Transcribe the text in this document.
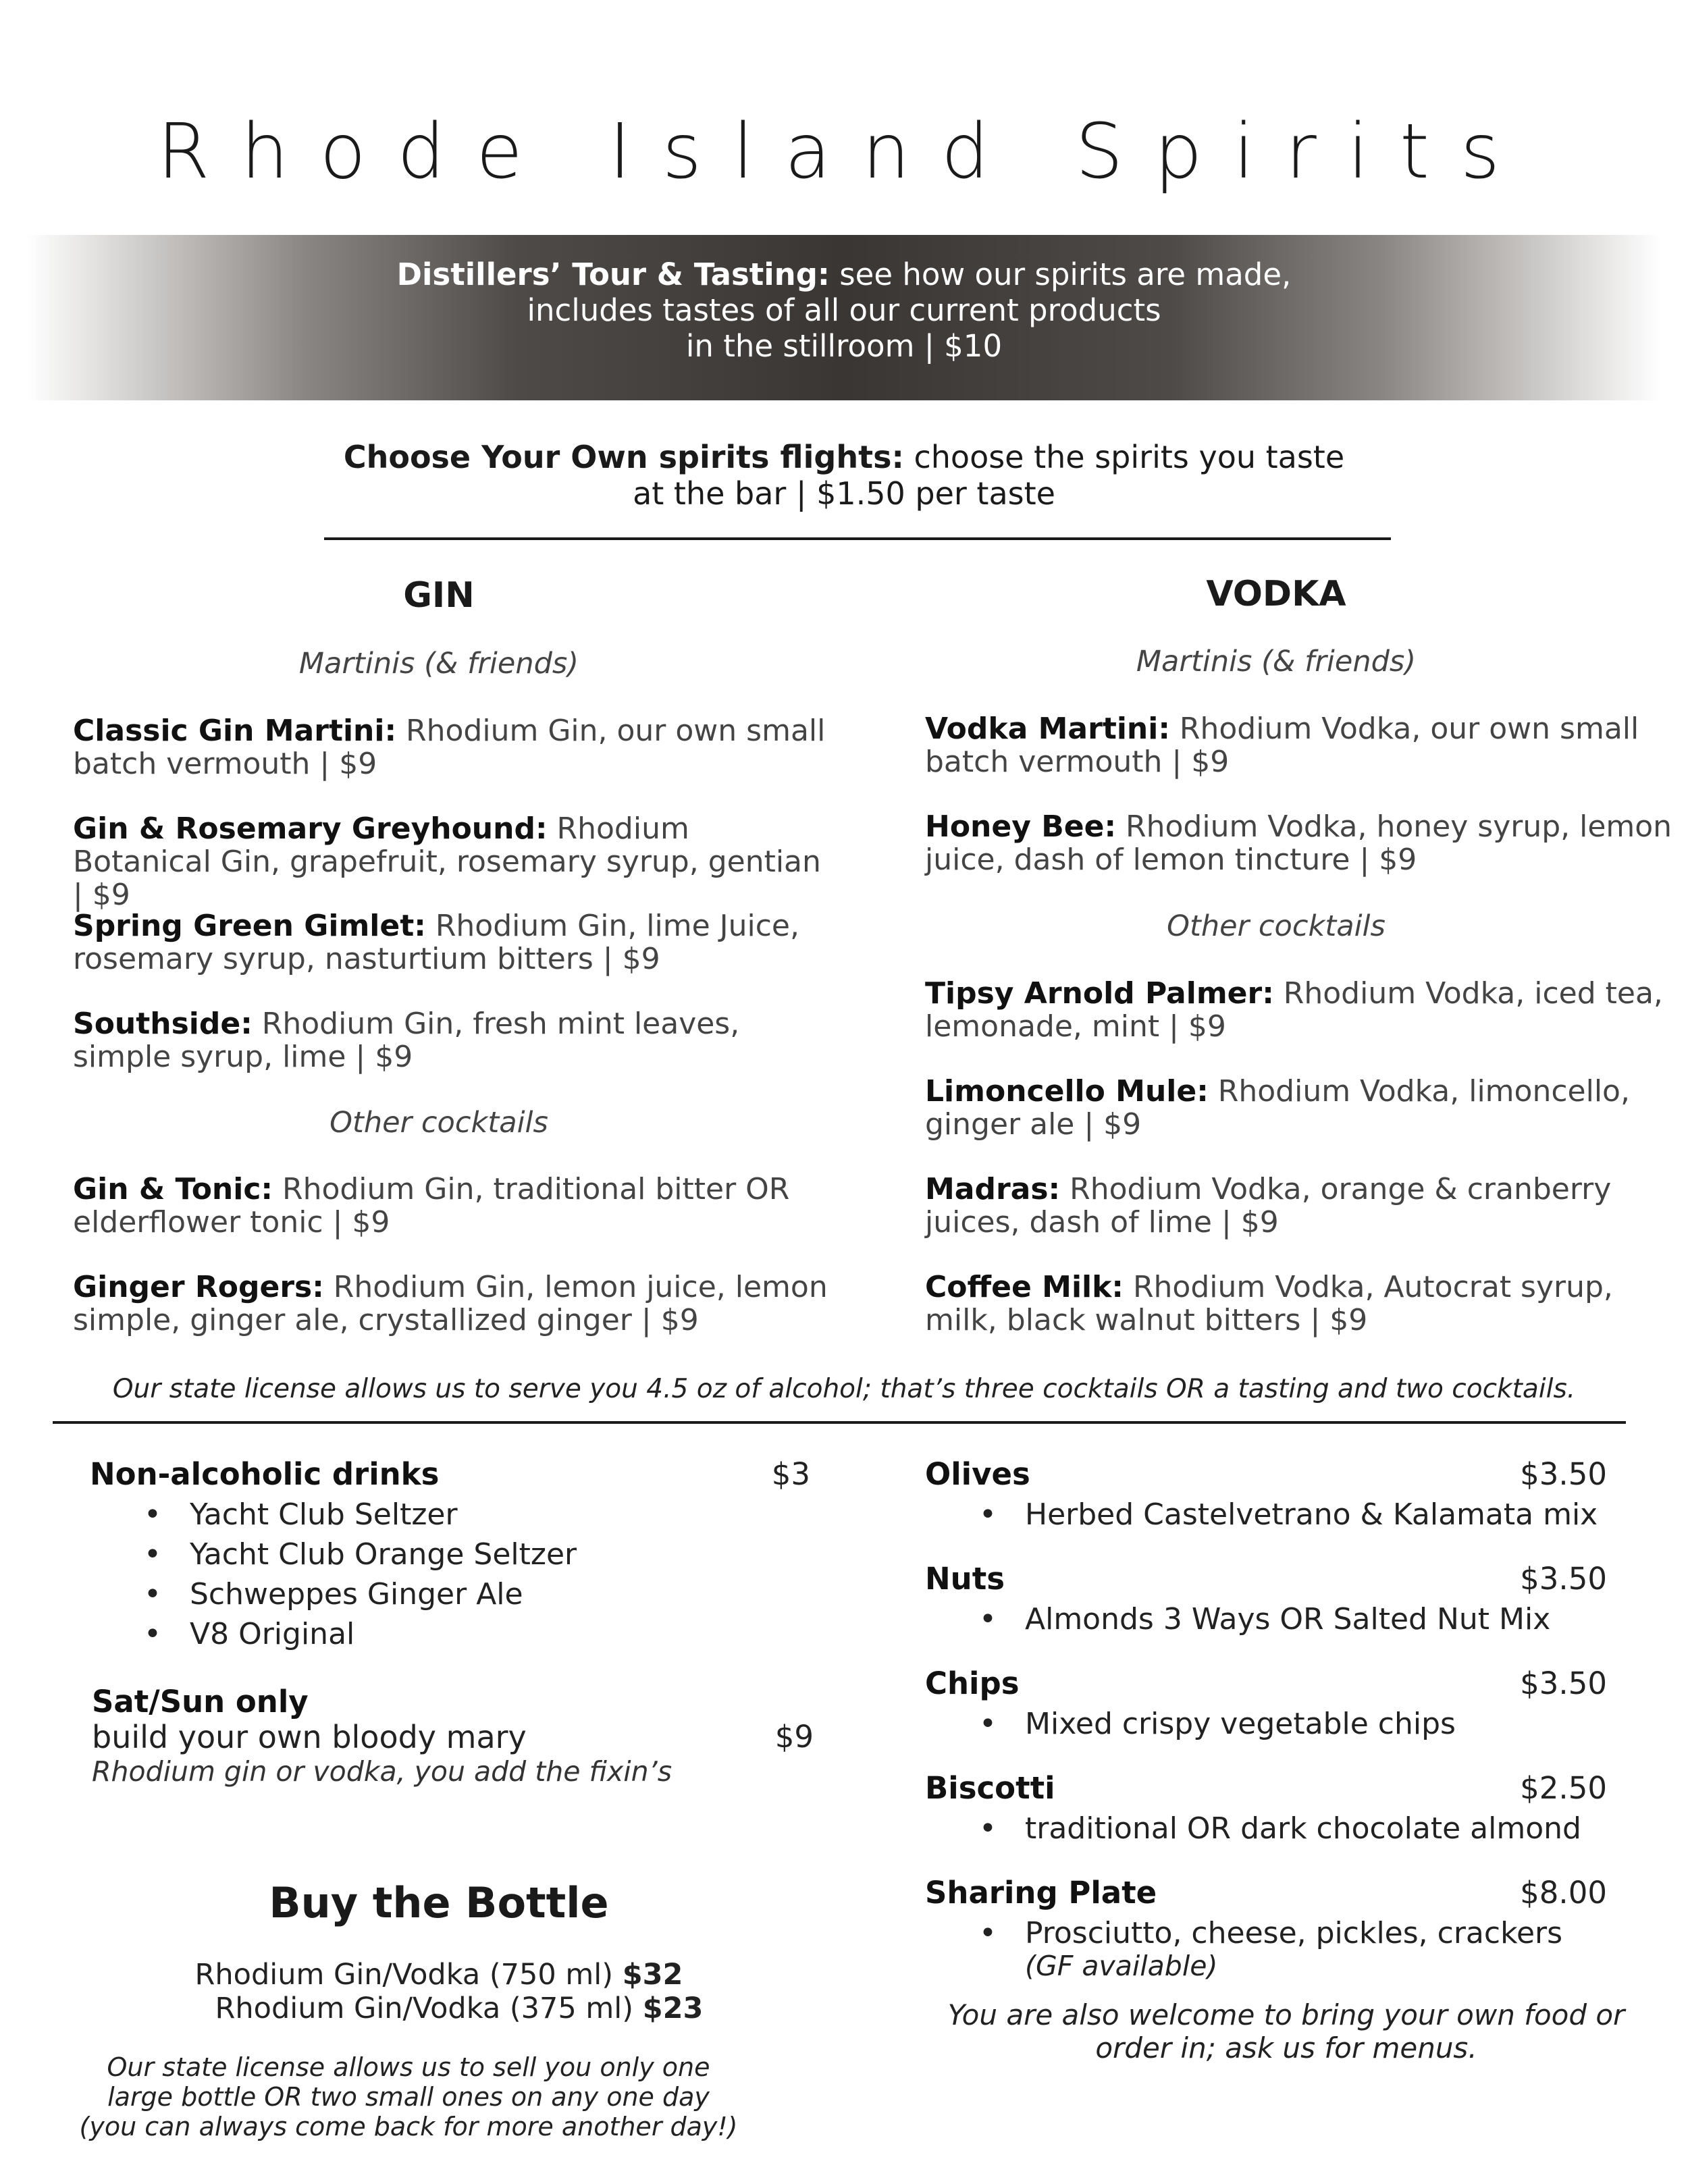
Rhode Island Spirits
Distillers’ Tour & Tasting: see how our spirits are made,
includes tastes of all our current products
in the stillroom | $10
Choose Your Own spirits flights: choose the spirits you taste
at the bar | $1.50 per taste
GIN
Martinis (& friends)
Classic Gin Martini: Rhodium Gin, our own small batch vermouth | $9
Gin & Rosemary Greyhound: Rhodium Botanical Gin, grapefruit, rosemary syrup, gentian | $9
Spring Green Gimlet: Rhodium Gin, lime Juice, rosemary syrup, nasturtium bitters | $9
Southside: Rhodium Gin, fresh mint leaves, simple syrup, lime | $9
Other cocktails
Gin & Tonic: Rhodium Gin, traditional bitter OR elderflower tonic | $9
Ginger Rogers: Rhodium Gin, lemon juice, lemon simple, ginger ale, crystallized ginger | $9
VODKA
Martinis (& friends)
Vodka Martini: Rhodium Vodka, our own small batch vermouth | $9
Honey Bee: Rhodium Vodka, honey syrup, lemon juice, dash of lemon tincture | $9
Other cocktails
Tipsy Arnold Palmer: Rhodium Vodka, iced tea, lemonade, mint | $9
Limoncello Mule: Rhodium Vodka, limoncello, ginger ale | $9
Madras: Rhodium Vodka, orange & cranberry juices, dash of lime | $9
Coffee Milk: Rhodium Vodka, Autocrat syrup, milk, black walnut bitters | $9
Our state license allows us to serve you 4.5 oz of alcohol; that’s three cocktails OR a tasting and two cocktails.
Non-alcoholic drinks	$3
• Yacht Club Seltzer
• Yacht Club Orange Seltzer
• Schweppes Ginger Ale
• V8 Original
Sat/Sun only
build your own bloody mary	$9
Rhodium gin or vodka, you add the fixin’s
Buy the Bottle
Rhodium Gin/Vodka (750 ml) $32
Rhodium Gin/Vodka (375 ml) $23
Our state license allows us to sell you only one
large bottle OR two small ones on any one day
(you can always come back for more another day!)
Olives	$3.50
• Herbed Castelvetrano & Kalamata mix
Nuts	$3.50
• Almonds 3 Ways OR Salted Nut Mix
Chips	$3.50
• Mixed crispy vegetable chips
Biscotti	$2.50
• traditional OR dark chocolate almond
Sharing Plate	$8.00
• Prosciutto, cheese, pickles, crackers
(GF available)
You are also welcome to bring your own food or
order in; ask us for menus.
